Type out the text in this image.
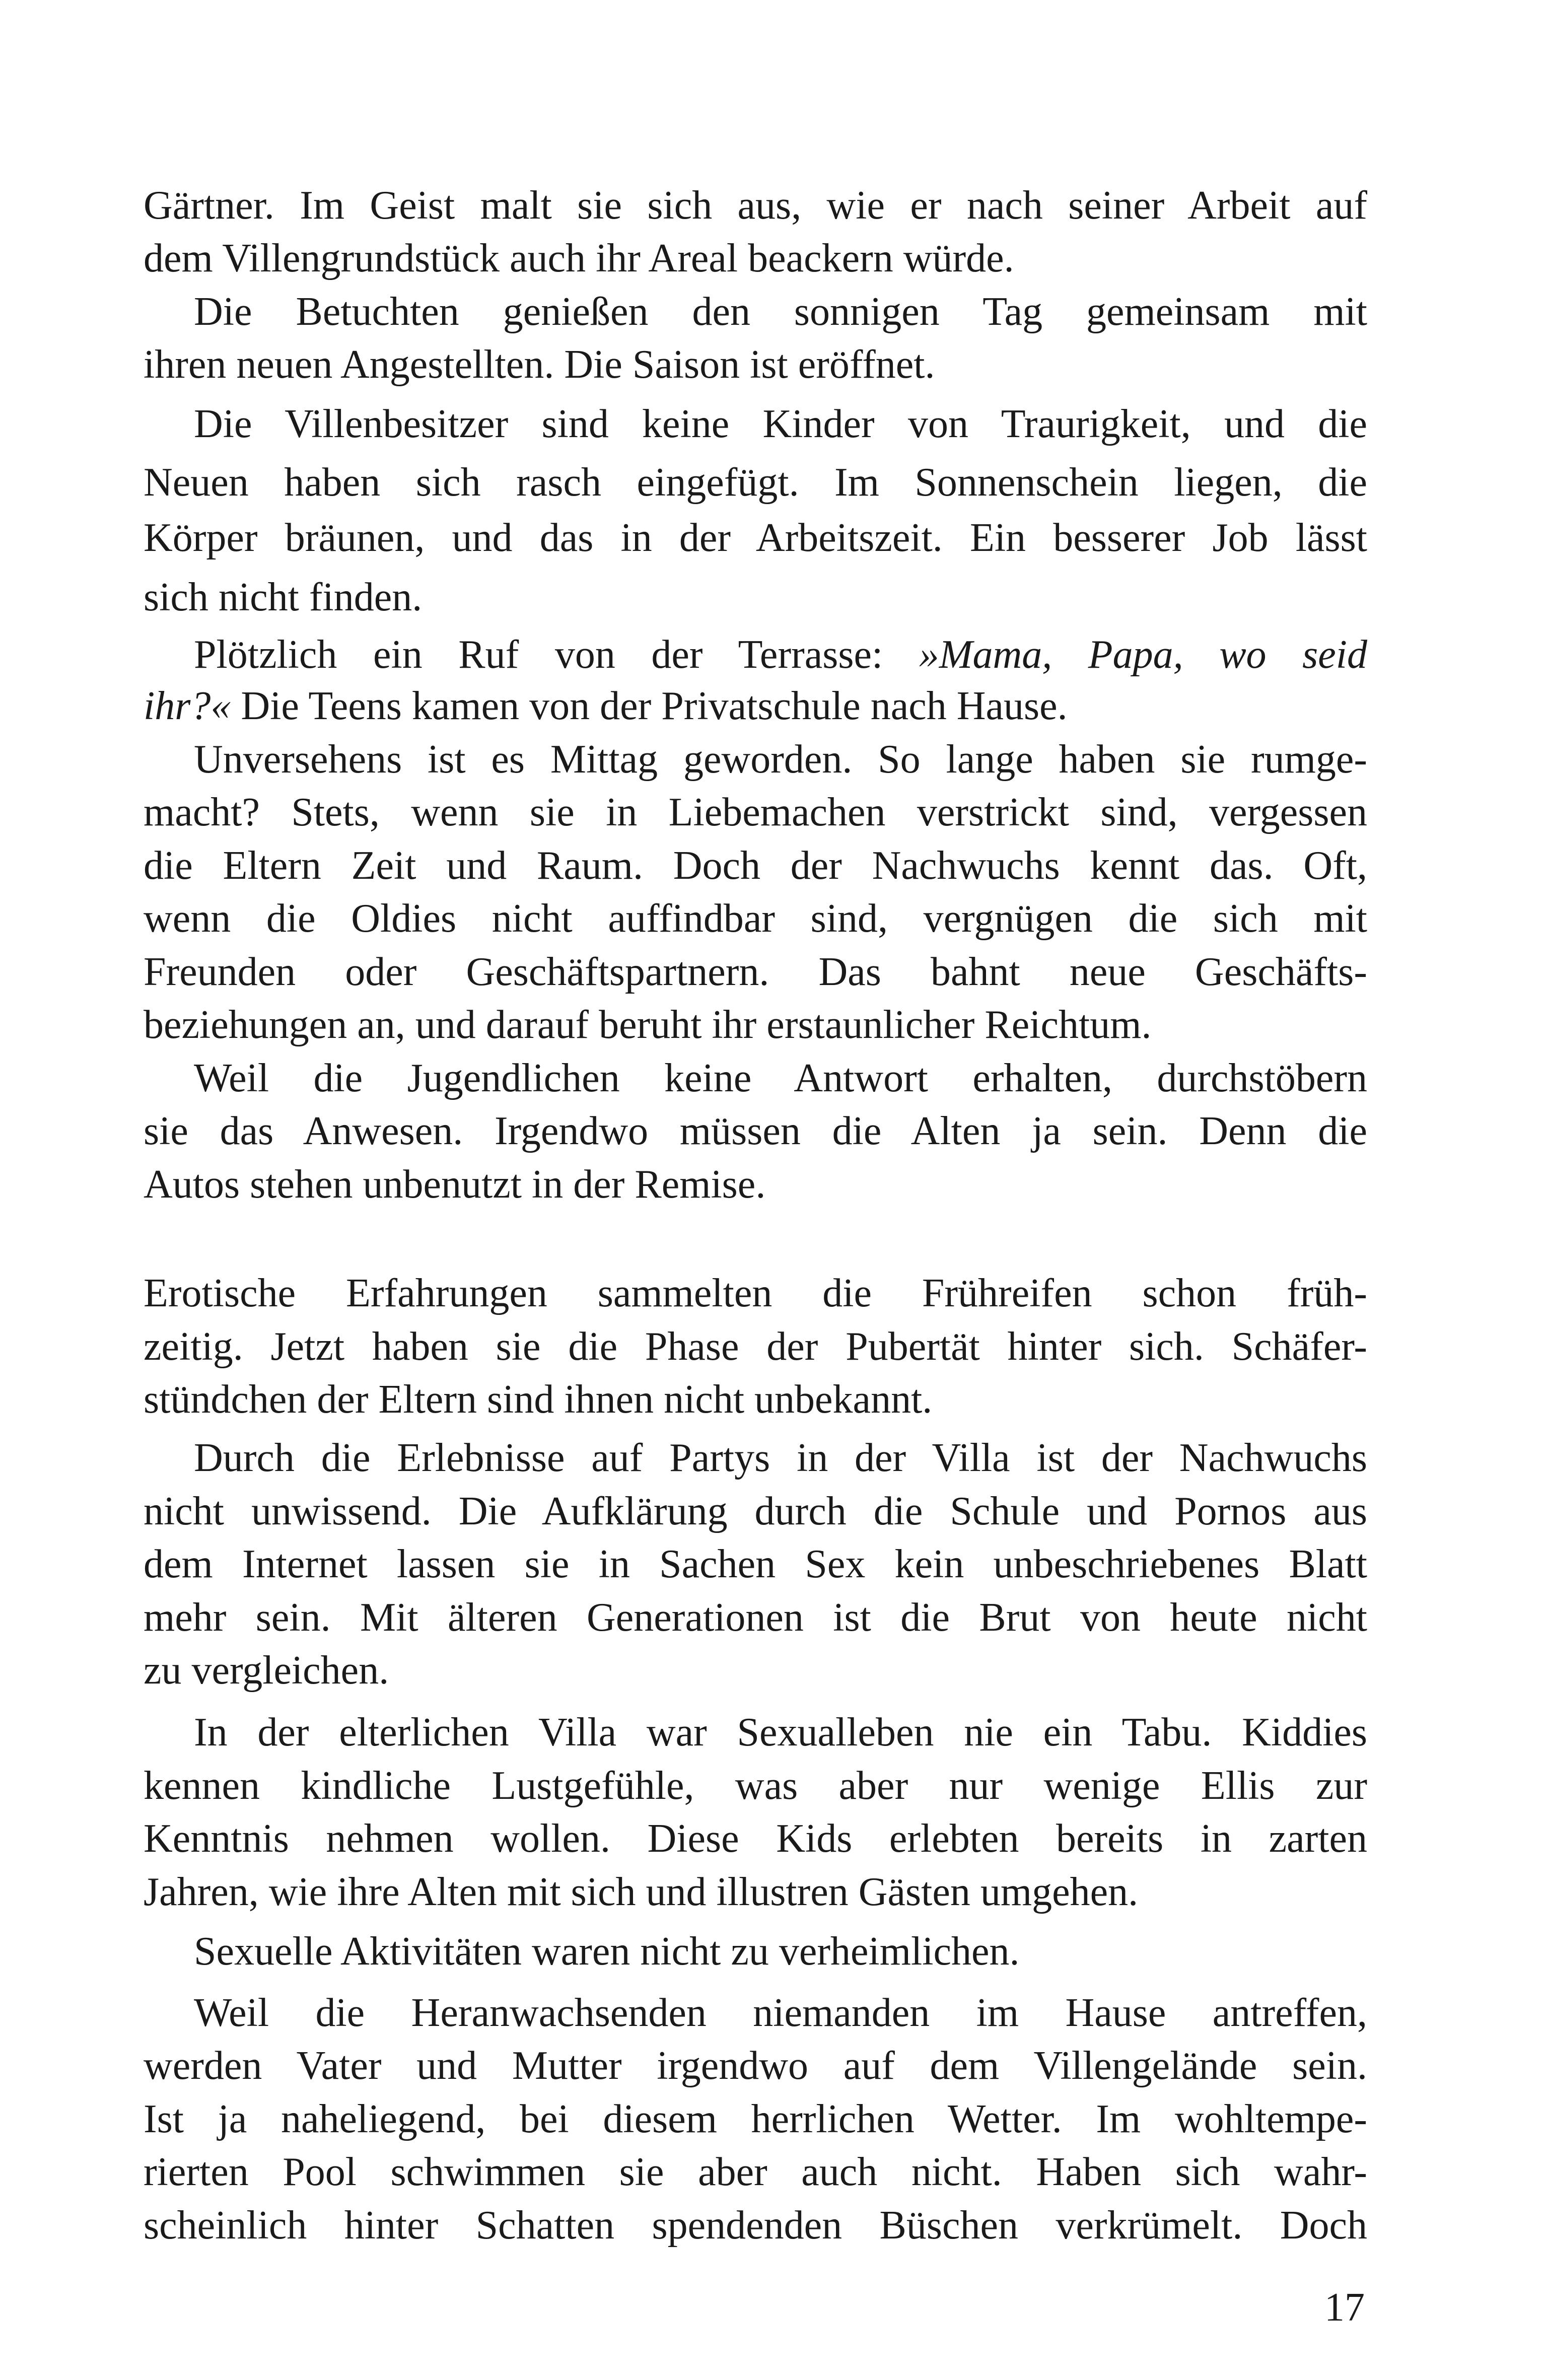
Gärtner. Im Geist malt sie sich aus, wie er nach seiner Arbeit auf
dem Villengrundstück auch ihr Areal beackern würde.
Die Betuchten genießen den sonnigen Tag gemeinsam mit
ihren neuen Angestellten. Die Saison ist eröffnet.
Die Villenbesitzer sind keine Kinder von Traurigkeit, und die
Neuen haben sich rasch eingefügt. Im Sonnenschein liegen, die
Körper bräunen, und das in der Arbeitszeit. Ein besserer Job lässt
sich nicht finden.
Plötzlich ein Ruf von der Terrasse: »Mama, Papa, wo seid
ihr?« Die Teens kamen von der Privatschule nach Hause.
Unversehens ist es Mittag geworden. So lange haben sie rumge-
macht? Stets, wenn sie in Liebemachen verstrickt sind, vergessen
die Eltern Zeit und Raum. Doch der Nachwuchs kennt das. Oft,
wenn die Oldies nicht auffindbar sind, vergnügen die sich mit
Freunden oder Geschäftspartnern. Das bahnt neue Geschäfts-
beziehungen an, und darauf beruht ihr erstaunlicher Reichtum.
Weil die Jugendlichen keine Antwort erhalten, durchstöbern
sie das Anwesen. Irgendwo müssen die Alten ja sein. Denn die
Autos stehen unbenutzt in der Remise.
Erotische Erfahrungen sammelten die Frühreifen schon früh-
zeitig. Jetzt haben sie die Phase der Pubertät hinter sich. Schäfer-
stündchen der Eltern sind ihnen nicht unbekannt.
Durch die Erlebnisse auf Partys in der Villa ist der Nachwuchs
nicht unwissend. Die Aufklärung durch die Schule und Pornos aus
dem Internet lassen sie in Sachen Sex kein unbeschriebenes Blatt
mehr sein. Mit älteren Generationen ist die Brut von heute nicht
zu vergleichen.
In der elterlichen Villa war Sexualleben nie ein Tabu. Kiddies
kennen kindliche Lustgefühle, was aber nur wenige Ellis zur
Kenntnis nehmen wollen. Diese Kids erlebten bereits in zarten
Jahren, wie ihre Alten mit sich und illustren Gästen umgehen.
Sexuelle Aktivitäten waren nicht zu verheimlichen.
Weil die Heranwachsenden niemanden im Hause antreffen,
werden Vater und Mutter irgendwo auf dem Villengelände sein.
Ist ja naheliegend, bei diesem herrlichen Wetter. Im wohltempe-
rierten Pool schwimmen sie aber auch nicht. Haben sich wahr-
scheinlich hinter Schatten spendenden Büschen verkrümelt. Doch
17
